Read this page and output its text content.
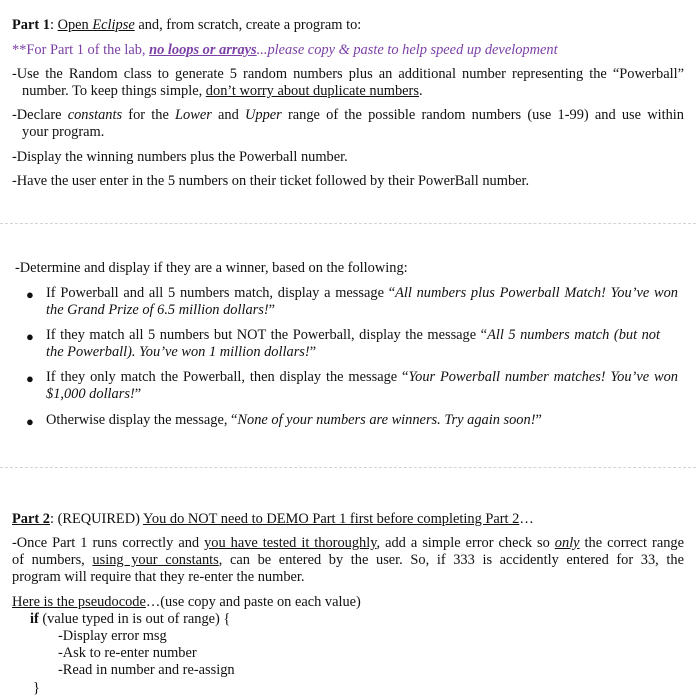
Part 1: Open Eclipse and, from scratch, create a program to:
**For Part 1 of the lab, no loops or arrays...please copy & paste to help speed up development
-Use the Random class to generate 5 random numbers plus an additional number representing the “Powerball”
number. To keep things simple, don’t worry about duplicate numbers.
-Declare constants for the Lower and Upper range of the possible random numbers (use 1-99) and use within
your program.
-Display the winning numbers plus the Powerball number.
-Have the user enter in the 5 numbers on their ticket followed by their PowerBall number.
-Determine and display if they are a winner, based on the following:
● If Powerball and all 5 numbers match, display a message “All numbers plus Powerball Match! You’ve won
the Grand Prize of 6.5 million dollars!”
● If they match all 5 numbers but NOT the Powerball, display the message “All 5 numbers match (but not
the Powerball). You’ve won 1 million dollars!”
● If they only match the Powerball, then display the message “Your Powerball number matches! You’ve won
$1,000 dollars!”
● Otherwise display the message, “None of your numbers are winners. Try again soon!”
Part 2: (REQUIRED) You do NOT need to DEMO Part 1 first before completing Part 2…
-Once Part 1 runs correctly and you have tested it thoroughly, add a simple error check so only the correct range
of numbers, using your constants, can be entered by the user. So, if 333 is accidently entered for 33, the
program will require that they re-enter the number.
Here is the pseudocode…(use copy and paste on each value)
if (value typed in is out of range) {
-Display error msg
-Ask to re-enter number
-Read in number and re-assign
}
